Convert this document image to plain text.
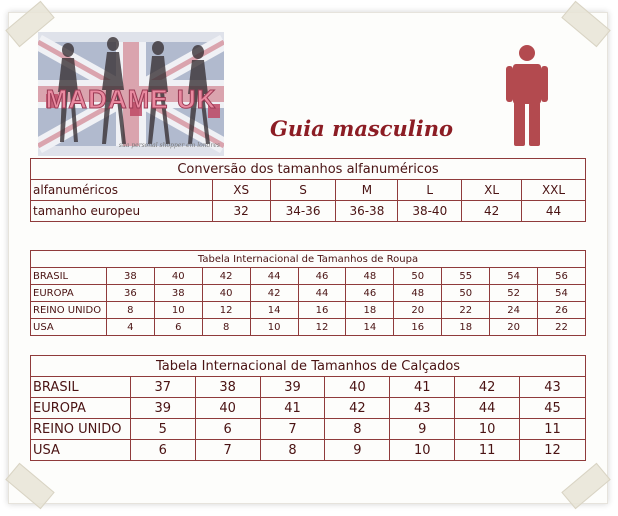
MADAME UK
sua personal shopper em londres
Guia masculino
Conversão dos tamanhos alfanuméricos						
alfanuméricos	XS	S	M	L	XL	XXL
tamanho europeu	32	34-36	36-38	38-40	42	44
Tabela Internacional de Tamanhos de Roupa										
BRASIL	38	40	42	44	46	48	50	55	54	56
EUROPA	36	38	40	42	44	46	48	50	52	54
REINO UNIDO	8	10	12	14	16	18	20	22	24	26
USA	4	6	8	10	12	14	16	18	20	22
Tabela Internacional de Tamanhos de Calçados							
BRASIL	37	38	39	40	41	42	43
EUROPA	39	40	41	42	43	44	45
REINO UNIDO	5	6	7	8	9	10	11
USA	6	7	8	9	10	11	12
